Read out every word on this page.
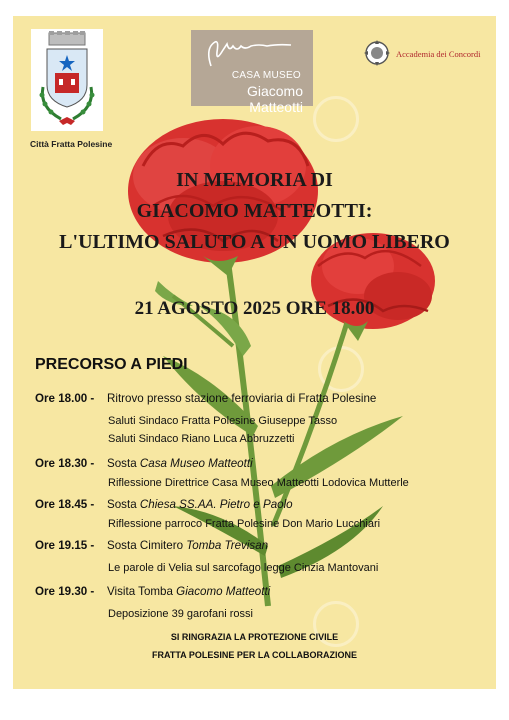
Città Fratta Polesine
CASA MUSEO
Giacomo Matteotti
Accademia dei Concordi
IN MEMORIA DI
GIACOMO MATTEOTTI:
L'ULTIMO SALUTO A UN UOMO LIBERO
21 AGOSTO 2025 ORE 18.00
PRECORSO A PIEDI
Ore 18.00 - Ritrovo presso stazione ferroviaria di Fratta Polesine
Saluti Sindaco Fratta Polesine Giuseppe Tasso
Saluti Sindaco Riano Luca Abbruzzetti
Ore 18.30 - Sosta Casa Museo Matteotti
Riflessione Direttrice Casa Museo Matteotti Lodovica Mutterle
Ore 18.45 - Sosta Chiesa SS.AA. Pietro e Paolo
Riflessione parroco Fratta Polesine Don Mario Lucchiari
Ore 19.15 - Sosta Cimitero Tomba Trevisan
Le parole di Velia sul sarcofago legge Cinzia Mantovani
Ore 19.30 - Visita Tomba Giacomo Matteotti
Deposizione 39 garofani rossi
SI RINGRAZIA LA PROTEZIONE CIVILE
FRATTA POLESINE PER LA COLLABORAZIONE
